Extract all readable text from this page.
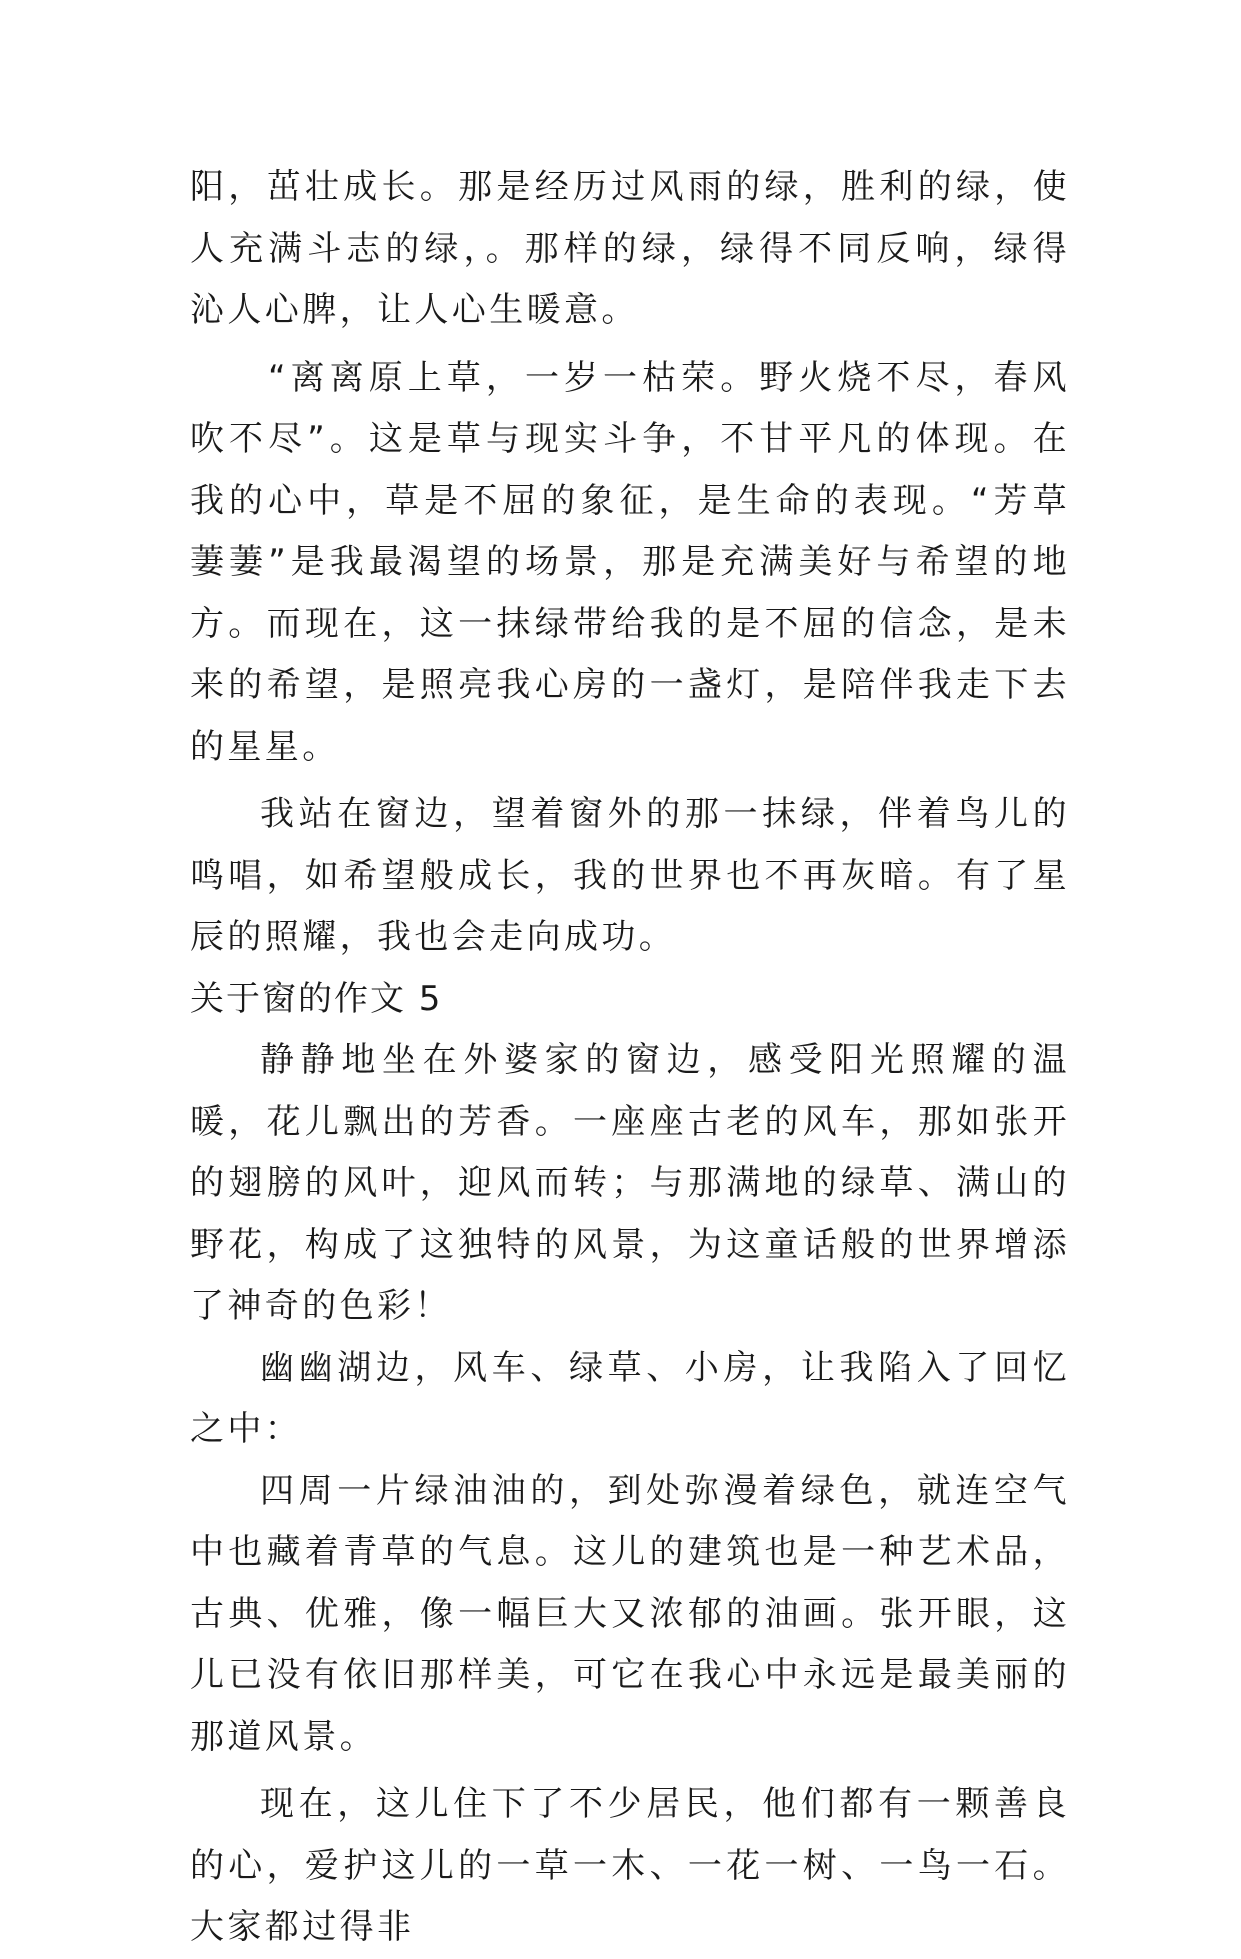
阳，茁壮成长。那是经历过风雨的绿，胜利的绿，使人充满斗志的绿，。那样的绿，绿得不同反响，绿得沁人心脾，让人心生暖意。

“离离原上草，一岁一枯荣。野火烧不尽，春风吹不尽”。这是草与现实斗争，不甘平凡的体现。在我的心中，草是不屈的象征，是生命的表现。“芳草萋萋”是我最渴望的场景，那是充满美好与希望的地方。而现在，这一抹绿带给我的是不屈的信念，是未来的希望，是照亮我心房的一盏灯，是陪伴我走下去的星星。

我站在窗边，望着窗外的那一抹绿，伴着鸟儿的鸣唱，如希望般成长，我的世界也不再灰暗。有了星辰的照耀，我也会走向成功。

关于窗的作文 5

静静地坐在外婆家的窗边，感受阳光照耀的温暖，花儿飘出的芳香。一座座古老的风车，那如张开的翅膀的风叶，迎风而转；与那满地的绿草、满山的野花，构成了这独特的风景，为这童话般的世界增添了神奇的色彩！

幽幽湖边，风车、绿草、小房，让我陷入了回忆之中：

四周一片绿油油的，到处弥漫着绿色，就连空气中也藏着青草的气息。这儿的建筑也是一种艺术品，古典、优雅，像一幅巨大又浓郁的油画。张开眼，这儿已没有依旧那样美，可它在我心中永远是最美丽的那道风景。

现在，这儿住下了不少居民，他们都有一颗善良的心，爱护这儿的一草一木、一花一树、一鸟一石。大家都过得非
